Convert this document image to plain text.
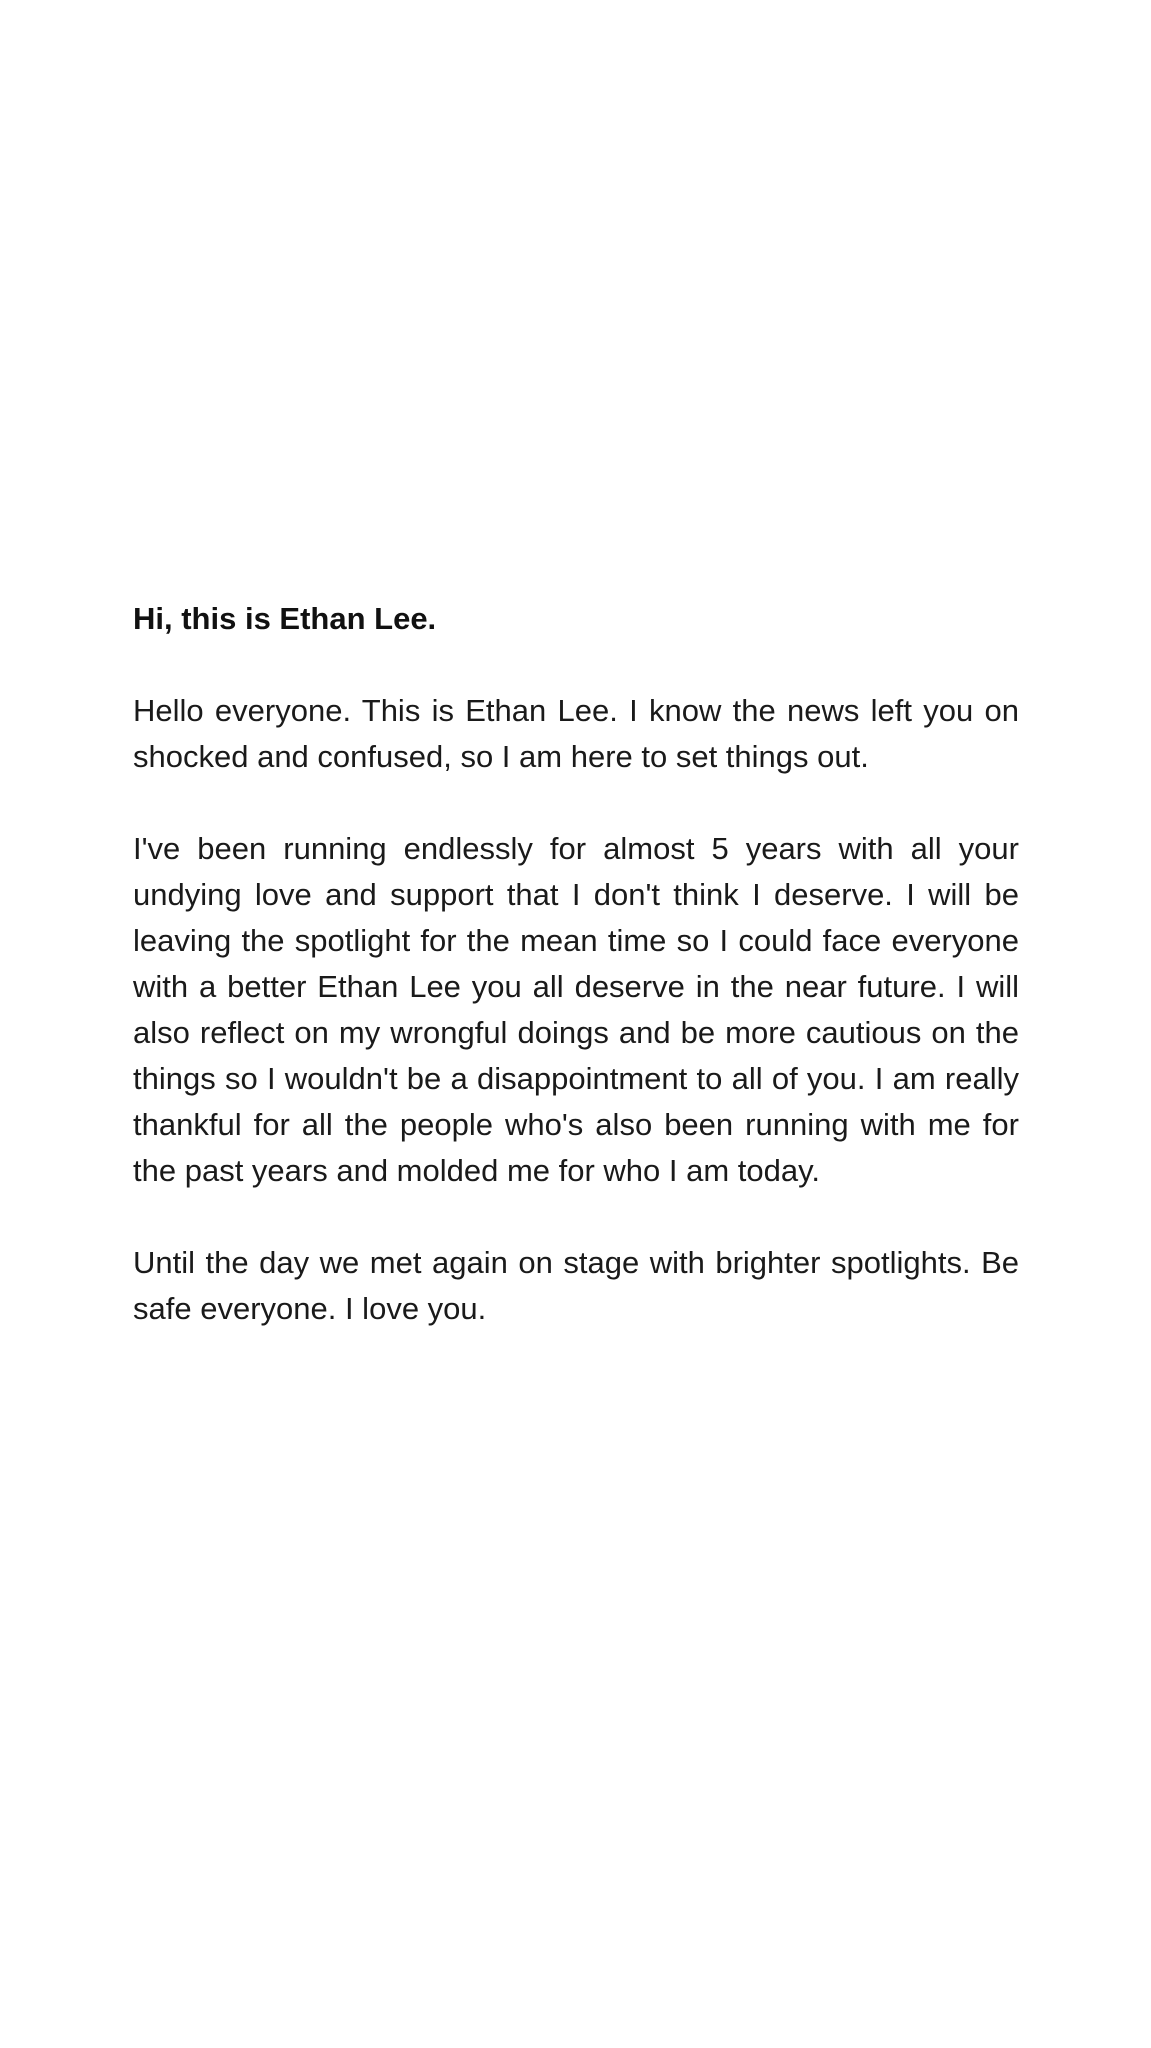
Hi, this is Ethan Lee.

Hello everyone. This is Ethan Lee. I know the news left you on shocked and confused, so I am here to set things out.

I've been running endlessly for almost 5 years with all your undying love and support that I don't think I deserve. I will be leaving the spotlight for the mean time so I could face everyone with a better Ethan Lee you all deserve in the near future. I will also reflect on my wrongful doings and be more cautious on the things so I wouldn't be a disappointment to all of you. I am really thankful for all the people who's also been running with me for the past years and molded me for who I am today.

Until the day we met again on stage with brighter spotlights. Be safe everyone. I love you.
